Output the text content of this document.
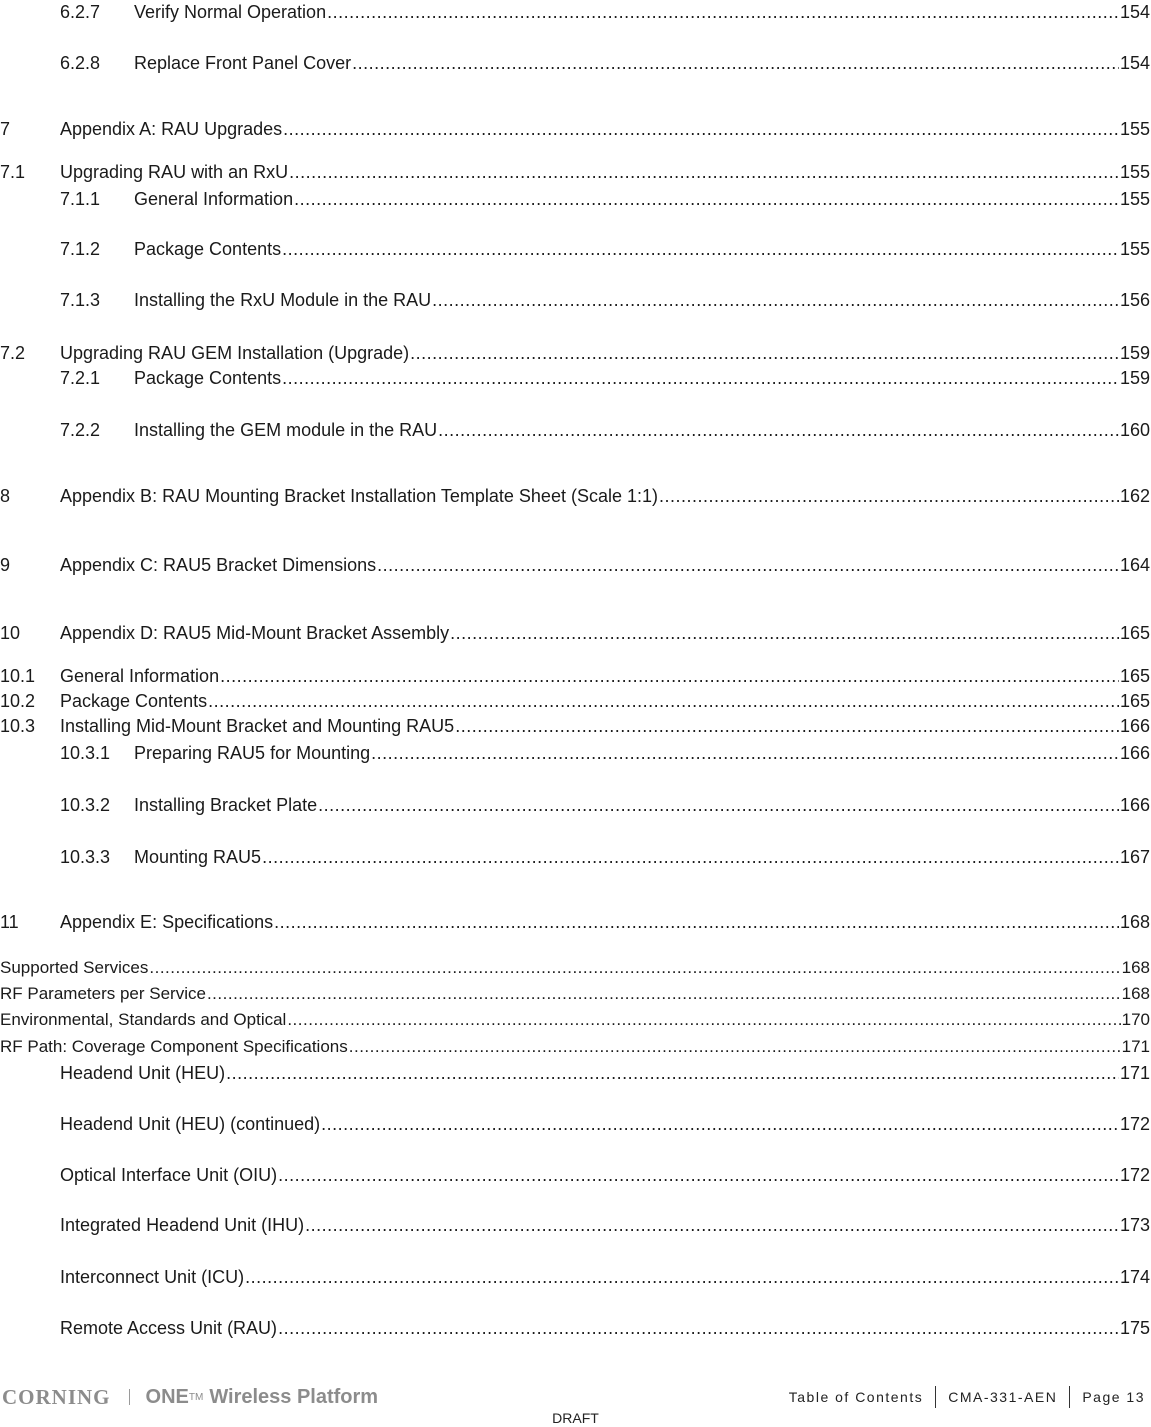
6.2.7	Verify Normal Operation .....	154
6.2.8	Replace Front Panel Cover .....	154
7	Appendix A: RAU Upgrades .....	155
7.1	Upgrading RAU with an RxU .....	155
7.1.1	General Information .....	155
7.1.2	Package Contents .....	155
7.1.3	Installing the RxU Module in the RAU .....	156
7.2	Upgrading RAU GEM Installation (Upgrade) .....	159
7.2.1	Package Contents .....	159
7.2.2	Installing the GEM module in the RAU .....	160
8	Appendix B: RAU Mounting Bracket Installation Template Sheet (Scale 1:1) .....	162
9	Appendix C: RAU5 Bracket Dimensions .....	164
10	Appendix D: RAU5 Mid-Mount Bracket Assembly .....	165
10.1	General Information .....	165
10.2	Package Contents .....	165
10.3	Installing Mid-Mount Bracket and Mounting RAU5 .....	166
10.3.1	Preparing RAU5 for Mounting .....	166
10.3.2	Installing Bracket Plate .....	166
10.3.3	Mounting RAU5 .....	167
11	Appendix E: Specifications .....	168
Supported Services .....	168
RF Parameters per Service .....	168
Environmental, Standards and Optical .....	170
RF Path: Coverage Component Specifications .....	171
Headend Unit (HEU) .....	171
Headend Unit (HEU) (continued) .....	172
Optical Interface Unit (OIU) .....	172
Integrated Headend Unit (IHU) .....	173
Interconnect Unit (ICU) .....	174
Remote Access Unit (RAU) .....	175
CORNING ONE TM Wireless Platform	Table of Contents	CMA-331-AEN	Page 13
DRAFT
